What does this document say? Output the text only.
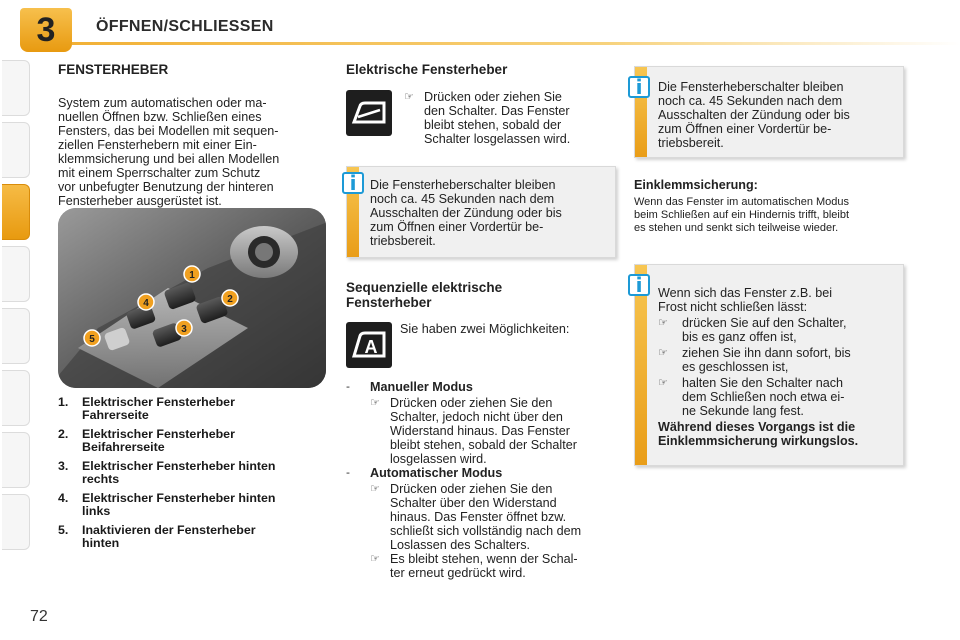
3	ÖFFNEN/SCHLIESSEN
FENSTERHEBER
System zum automatischen oder ma-
nuellen Öffnen bzw. Schließen eines
Fensters, das bei Modellen mit sequen-
ziellen Fensterhebern mit einer Ein-
klemmsicherung und bei allen Modellen
mit einem Sperrschalter zum Schutz
vor unbefugter Benutzung der hinteren
Fensterheber ausgerüstet ist.
1
2
3
4
5
1.	Elektrischer Fensterheber
Fahrerseite
2.	Elektrischer Fensterheber
Beifahrerseite
3.	Elektrischer Fensterheber hinten
rechts
4.	Elektrischer Fensterheber hinten
links
5.	Inaktivieren der Fensterheber
hinten
72
Elektrische Fensterheber
☞ Drücken oder ziehen Sie
den Schalter. Das Fenster
bleibt stehen, sobald der
Schalter losgelassen wird.
i	Die Fensterheberschalter bleiben
noch ca. 45 Sekunden nach dem
Ausschalten der Zündung oder bis
zum Öffnen einer Vordertür be-
triebsbereit.
Sequenzielle elektrische
Fensterheber
A
Sie haben zwei Möglichkeiten:
-	Manueller Modus
☞ Drücken oder ziehen Sie den
Schalter, jedoch nicht über den
Widerstand hinaus. Das Fenster
bleibt stehen, sobald der Schalter
losgelassen wird.
-	Automatischer Modus
☞ Drücken oder ziehen Sie den
Schalter über den Widerstand
hinaus. Das Fenster öffnet bzw.
schließt sich vollständig nach dem
Loslassen des Schalters.
☞ Es bleibt stehen, wenn der Schal-
ter erneut gedrückt wird.
i	Die Fensterheberschalter bleiben
noch ca. 45 Sekunden nach dem
Ausschalten der Zündung oder bis
zum Öffnen einer Vordertür be-
triebsbereit.
Einklemmsicherung:
Wenn das Fenster im automatischen Modus
beim Schließen auf ein Hindernis trifft, bleibt
es stehen und senkt sich teilweise wieder.
i	Wenn sich das Fenster z.B. bei
Frost nicht schließen lässt:
☞	drücken Sie auf den Schalter,
bis es ganz offen ist,
☞	ziehen Sie ihn dann sofort, bis
es geschlossen ist,
☞	halten Sie den Schalter nach
dem Schließen noch etwa ei-
ne Sekunde lang fest.
Während dieses Vorgangs ist die
Einklemmsicherung wirkungslos.
